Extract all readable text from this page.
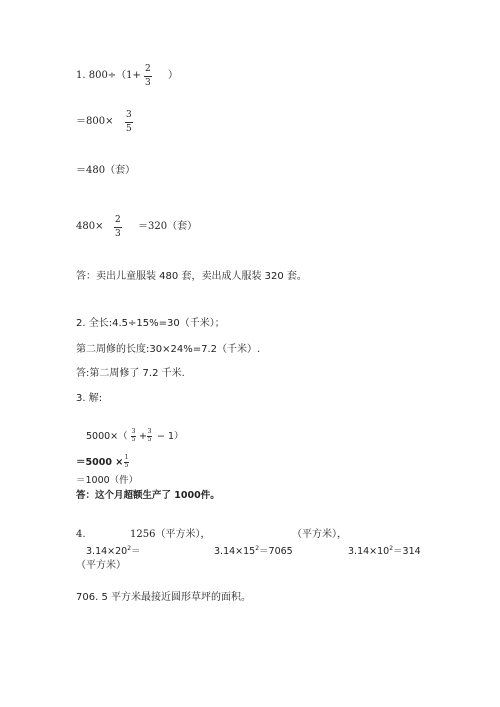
1. 800÷（1+
2
3
）
＝800×
3
5
＝480（套）
480×
2
3
＝320（套）
答：卖出儿童服装 480 套，卖出成人服装 320 套。
2. 全长:4.5÷15%=30（千米）；
第二周修的长度:30×24%=7.2（千米）.
答:第二周修了 7.2 千米.
3. 解:
5000×（ 3
5 + 3
5 − 1）
＝5000 × 1
5
＝1000（件）
答：这个月超额生产了 1000件。
4.	1256（平方米），	（平方米），
$3.14\times 20^2=$	$3.14\times 15^2=7065$	$3.14\times 10^2=314$
（平方米）
706. 5 平方米最接近圆形草坪的面积。
